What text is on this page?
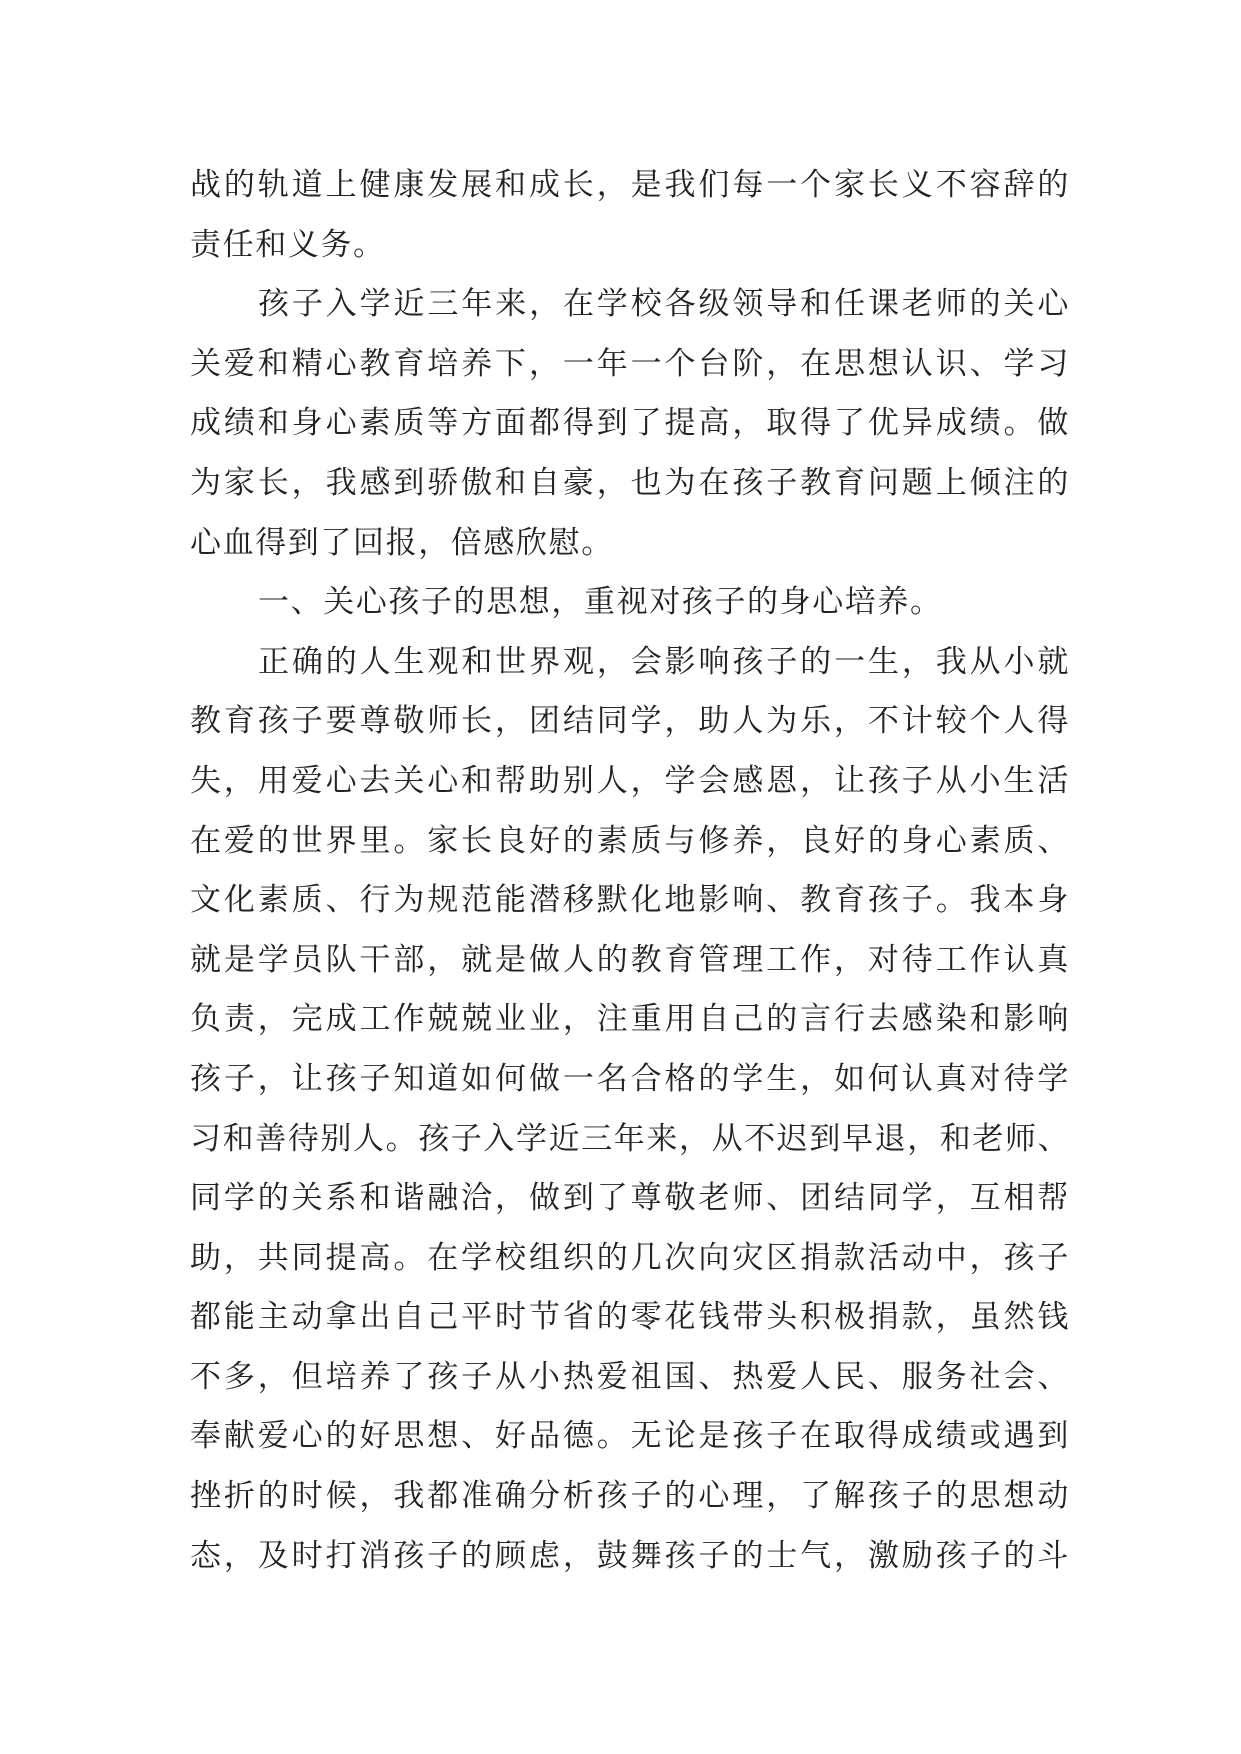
战的轨道上健康发展和成长，是我们每一个家长义不容辞的
责任和义务。
孩子入学近三年来，在学校各级领导和任课老师的关心
关爱和精心教育培养下，一年一个台阶，在思想认识、学习
成绩和身心素质等方面都得到了提高，取得了优异成绩。做
为家长，我感到骄傲和自豪，也为在孩子教育问题上倾注的
心血得到了回报，倍感欣慰。
一、关心孩子的思想，重视对孩子的身心培养。
正确的人生观和世界观，会影响孩子的一生，我从小就
教育孩子要尊敬师长，团结同学，助人为乐，不计较个人得
失，用爱心去关心和帮助别人，学会感恩，让孩子从小生活
在爱的世界里。家长良好的素质与修养，良好的身心素质、
文化素质、行为规范能潜移默化地影响、教育孩子。我本身
就是学员队干部，就是做人的教育管理工作，对待工作认真
负责，完成工作兢兢业业，注重用自己的言行去感染和影响
孩子，让孩子知道如何做一名合格的学生，如何认真对待学
习和善待别人。孩子入学近三年来，从不迟到早退，和老师、
同学的关系和谐融洽，做到了尊敬老师、团结同学，互相帮
助，共同提高。在学校组织的几次向灾区捐款活动中，孩子
都能主动拿出自己平时节省的零花钱带头积极捐款，虽然钱
不多，但培养了孩子从小热爱祖国、热爱人民、服务社会、
奉献爱心的好思想、好品德。无论是孩子在取得成绩或遇到
挫折的时候，我都准确分析孩子的心理，了解孩子的思想动
态，及时打消孩子的顾虑，鼓舞孩子的士气，激励孩子的斗
